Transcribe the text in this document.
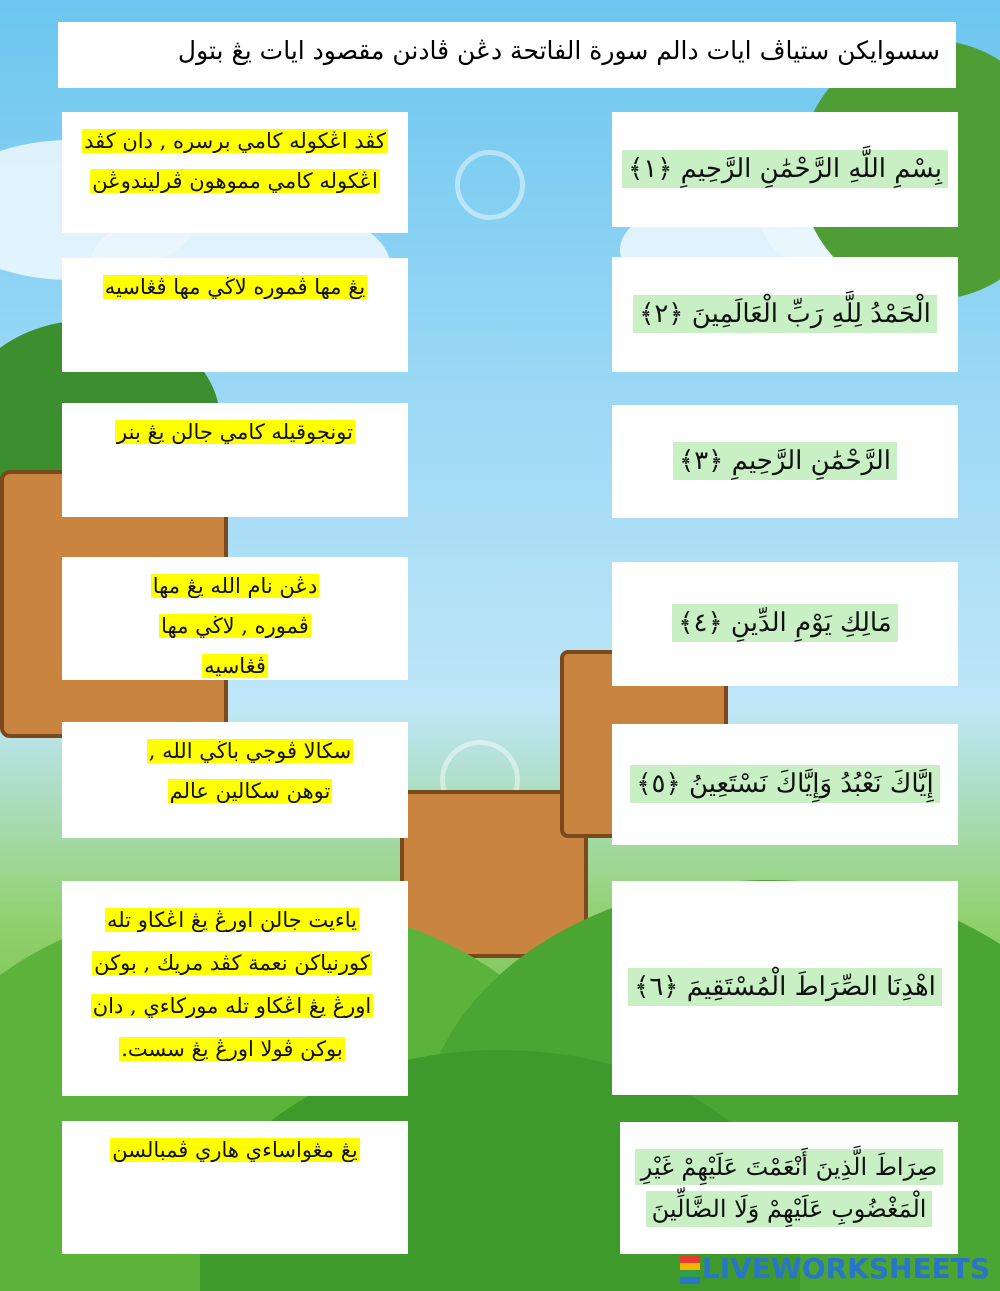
سسوايكن ستياڤ ايات دالم سورة الفاتحة دڠن ڤادنن مقصود ايات يڠ بتول
كڤد اڠكوله كامي برسره , دان كڤد اڠكوله كامي مموهون ڤرليندوڠن
يڠ مها ڤموره لاڬي مها ڤڠاسيه
تونجوقيله كامي جالن يڠ بنر
دڠن نام الله يڠ مها ڤموره , لاڬي مها ڤڠاسيه
سكالا ڤوجي باڬي الله , توهن سكالين عالم
ياءيت جالن اورڠ يڠ اڠكاو تله كورنياكن نعمة كڤد مريك , بوكن اورڠ يڠ اڠكاو تله موركاءي , دان بوكن ڤولا اورڠ يڠ سست.
يڠ مڠواساءي هاري ڤمبالسن
بِسْمِ اللَّهِ الرَّحْمَٰنِ الرَّحِيمِ ﴿١﴾
الْحَمْدُ لِلَّهِ رَبِّ الْعَالَمِينَ ﴿٢﴾
الرَّحْمَٰنِ الرَّحِيمِ ﴿٣﴾
مَالِكِ يَوْمِ الدِّينِ ﴿٤﴾
إِيَّاكَ نَعْبُدُ وَإِيَّاكَ نَسْتَعِينُ ﴿٥﴾
اهْدِنَا الصِّرَاطَ الْمُسْتَقِيمَ ﴿٦﴾
صِرَاطَ الَّذِينَ أَنْعَمْتَ عَلَيْهِمْ غَيْرِ الْمَغْضُوبِ عَلَيْهِمْ وَلَا الضَّالِّينَ
LIVEWORKSHEETS
